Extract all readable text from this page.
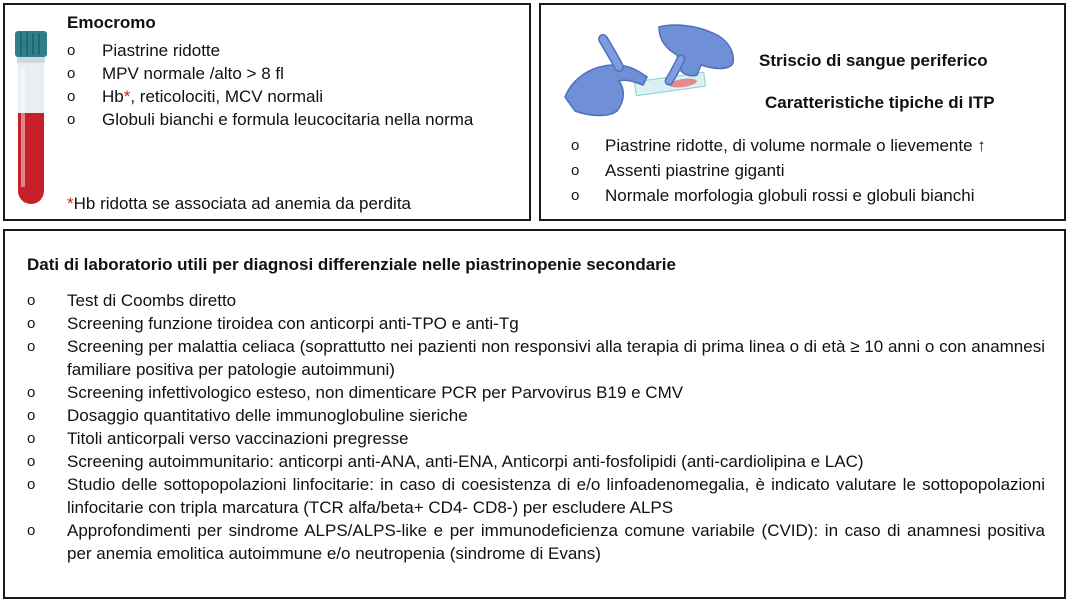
Emocromo
o Piastrine ridotte
o MPV normale /alto > 8 fl
o Hb*, reticolociti, MCV normali
o Globuli bianchi e formula leucocitaria nella norma
*Hb ridotta se associata ad anemia da perdita
Striscio di sangue periferico
Caratteristiche tipiche di ITP
o Piastrine ridotte, di volume normale o lievemente ↑
o Assenti piastrine giganti
o Normale morfologia globuli rossi e globuli bianchi
Dati di laboratorio utili per diagnosi differenziale nelle piastrinopenie secondarie
o Test di Coombs diretto
o Screening funzione tiroidea con anticorpi anti-TPO e anti-Tg
o Screening per malattia celiaca (soprattutto nei pazienti non responsivi alla terapia di prima linea o di età ≥ 10 anni o con anamnesi familiare positiva per patologie autoimmuni)
o Screening infettivologico esteso, non dimenticare PCR per Parvovirus B19 e CMV
o Dosaggio quantitativo delle immunoglobuline sieriche
o Titoli anticorpali verso vaccinazioni pregresse
o Screening autoimmunitario: anticorpi anti-ANA, anti-ENA, Anticorpi anti-fosfolipidi (anti-cardiolipina e LAC)
o Studio delle sottopopolazioni linfocitarie: in caso di coesistenza di e/o linfoadenomegalia, è indicato valutare le sottopopolazioni linfocitarie con tripla marcatura (TCR alfa/beta+ CD4- CD8-) per escludere ALPS
o Approfondimenti per sindrome ALPS/ALPS-like e per immunodeficienza comune variabile (CVID): in caso di anamnesi positiva per anemia emolitica autoimmune e/o neutropenia (sindrome di Evans)
